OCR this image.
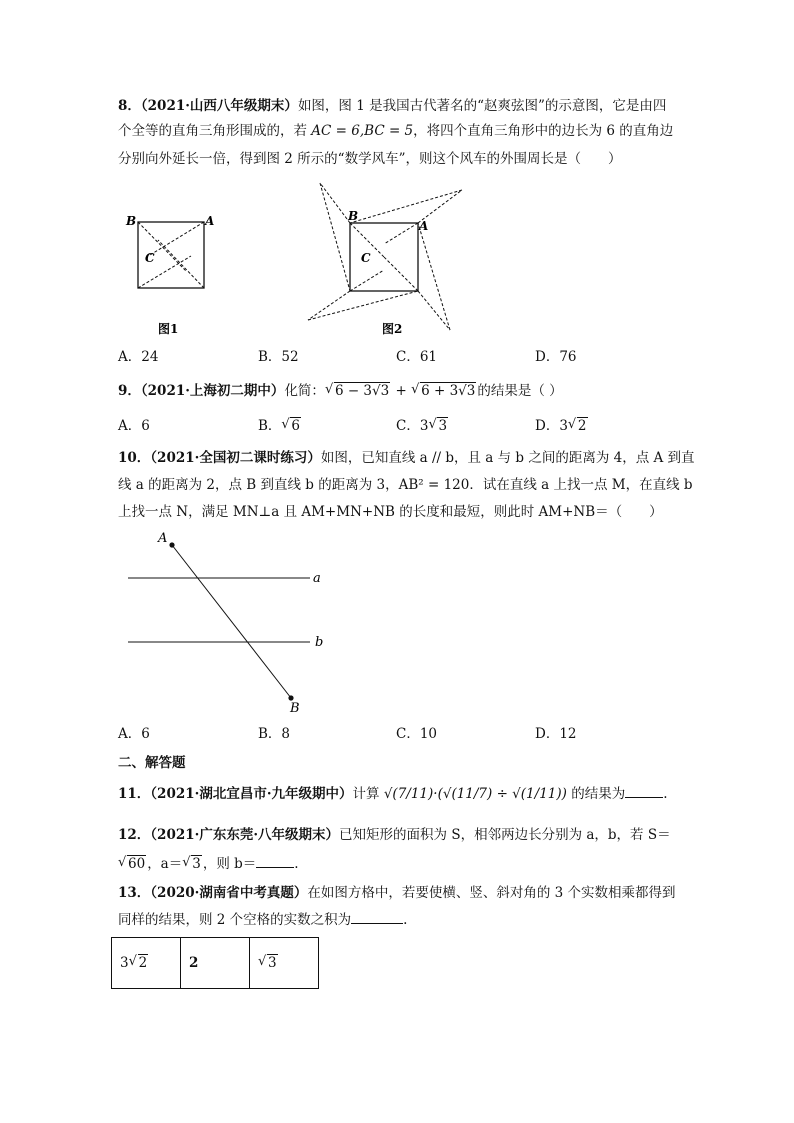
8．（2021·山西八年级期末）如图，图 1 是我国古代著名的“赵爽弦图”的示意图，它是由四
个全等的直角三角形围成的，若 AC = 6,BC = 5，将四个直角三角形中的边长为 6 的直角边
分别向外延长一倍，得到图 2 所示的“数学风车”，则这个风车的外围周长是（　　）
B	A
C
图1
B
A
C
图2
A．24	B．52	C．61	D．76
9．（2021·上海初二期中）化简： √ 6 − 3√3 + √ 6 + 3√3 的结果是（ ）
A．6	B． √ 6	C．3 √ 3	D．3 √ 2
10．（2021·全国初二课时练习）如图，已知直线 a // b，且 a 与 b 之间的距离为 4，点 A 到直
线 a 的距离为 2，点 B 到直线 b 的距离为 3，AB² = 120．试在直线 a 上找一点 M，在直线 b
上找一点 N，满足 MN⊥a 且 AM+MN+NB 的长度和最短，则此时 AM+NB＝（　　）
A
B
a
b
A．6	B．8	C．10	D．12
二、解答题
11．（2021·湖北宜昌市·九年级期中）计算 √(7/11)·(√(11/7) ÷ √(1/11)) 的结果为	.
12．（2021·广东东莞·八年级期末）已知矩形的面积为 S，相邻两边长分别为 a，b，若 S＝
√ 60 ，a＝ √ 3 ，则 b＝	.
13．（2020·湖南省中考真题）在如图方格中，若要使横、竖、斜对角的 3 个实数相乘都得到
同样的结果，则 2 个空格的实数之积为	.
3 √ 2	2	√3
